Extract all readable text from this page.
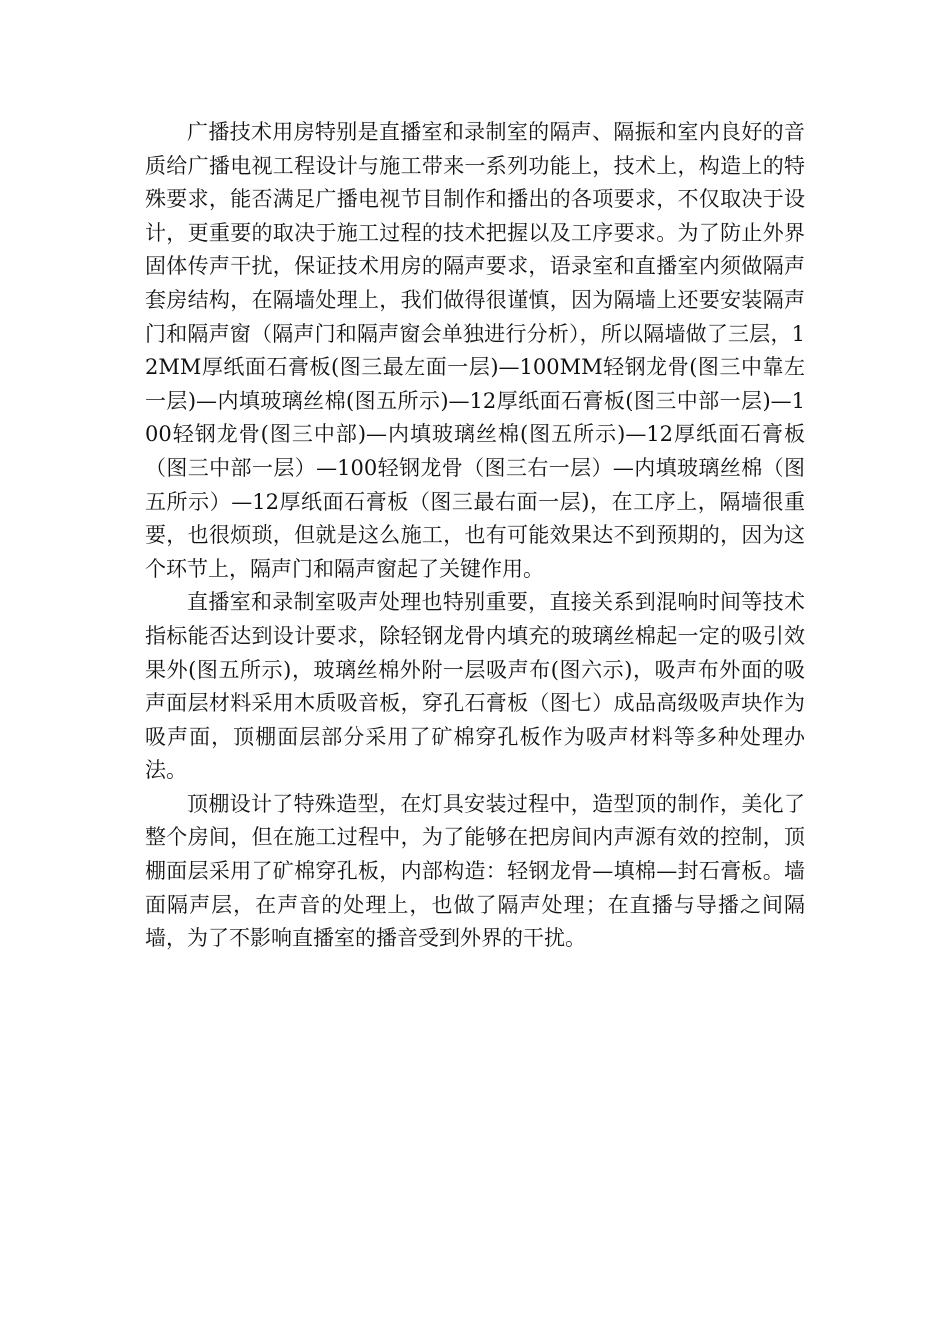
广播技术用房特别是直播室和录制室的隔声、隔振和室内良好的音质给广播电视工程设计与施工带来一系列功能上，技术上，构造上的特殊要求，能否满足广播电视节目制作和播出的各项要求，不仅取决于设计，更重要的取决于施工过程的技术把握以及工序要求。为了防止外界固体传声干扰，保证技术用房的隔声要求，语录室和直播室内须做隔声套房结构，在隔墙处理上，我们做得很谨慎，因为隔墙上还要安装隔声门和隔声窗（隔声门和隔声窗会单独进行分析），所以隔墙做了三层，12MM厚纸面石膏板(图三最左面一层)—100MM轻钢龙骨(图三中靠左一层)—内填玻璃丝棉(图五所示)—12厚纸面石膏板(图三中部一层)—100轻钢龙骨(图三中部)—内填玻璃丝棉(图五所示)—12厚纸面石膏板（图三中部一层）—100轻钢龙骨（图三右一层）—内填玻璃丝棉（图五所示）—12厚纸面石膏板（图三最右面一层)，在工序上，隔墙很重要，也很烦琐，但就是这么施工，也有可能效果达不到预期的，因为这个环节上，隔声门和隔声窗起了关键作用。

直播室和录制室吸声处理也特别重要，直接关系到混响时间等技术指标能否达到设计要求，除轻钢龙骨内填充的玻璃丝棉起一定的吸引效果外(图五所示)，玻璃丝棉外附一层吸声布(图六示)，吸声布外面的吸声面层材料采用木质吸音板，穿孔石膏板（图七）成品高级吸声块作为吸声面，顶棚面层部分采用了矿棉穿孔板作为吸声材料等多种处理办法。

顶棚设计了特殊造型，在灯具安装过程中，造型顶的制作，美化了整个房间，但在施工过程中，为了能够在把房间内声源有效的控制，顶棚面层采用了矿棉穿孔板，内部构造：轻钢龙骨—填棉—封石膏板。墙面隔声层，在声音的处理上，也做了隔声处理；在直播与导播之间隔墙，为了不影响直播室的播音受到外界的干扰。
